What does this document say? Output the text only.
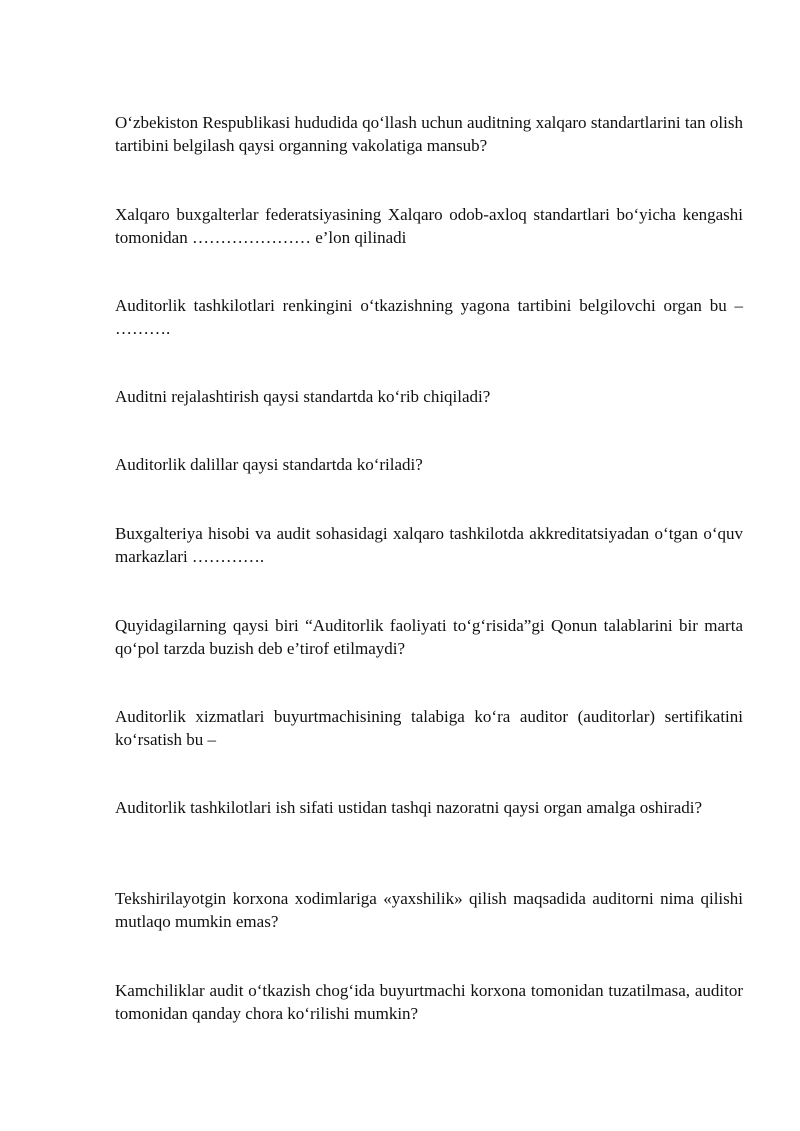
O‘zbekiston Respublikasi hududida qo‘llash uchun auditning xalqaro standartlarini tan olish tartibini belgilash qaysi organning vakolatiga mansub?

Xalqaro buxgalterlar federatsiyasining Xalqaro odob-axloq standartlari bo‘yicha kengashi tomonidan ………………… e’lon qilinadi

Auditorlik tashkilotlari renkingini o‘tkazishning yagona tartibini belgilovchi organ bu – ……….

Auditni rejalashtirish qaysi standartda ko‘rib chiqiladi?

Auditorlik dalillar qaysi standartda ko‘riladi?

Buxgalteriya hisobi va audit sohasidagi xalqaro tashkilotda akkreditatsiyadan o‘tgan o‘quv markazlari ………….

Quyidagilarning qaysi biri “Auditorlik faoliyati to‘g‘risida”gi Qonun talablarini bir marta qo‘pol tarzda buzish deb e’tirof etilmaydi?

Auditorlik xizmatlari buyurtmachisining talabiga ko‘ra auditor (auditorlar) sertifikatini ko‘rsatish bu –

Auditorlik tashkilotlari ish sifati ustidan tashqi nazoratni qaysi organ amalga oshiradi?

Tekshirilayotgin korxona xodimlariga «yaxshilik» qilish maqsadida auditorni nima qilishi mutlaqo mumkin emas?

Kamchiliklar audit o‘tkazish chog‘ida buyurtmachi korxona tomonidan tuzatilmasa, auditor tomonidan qanday chora ko‘rilishi mumkin?
